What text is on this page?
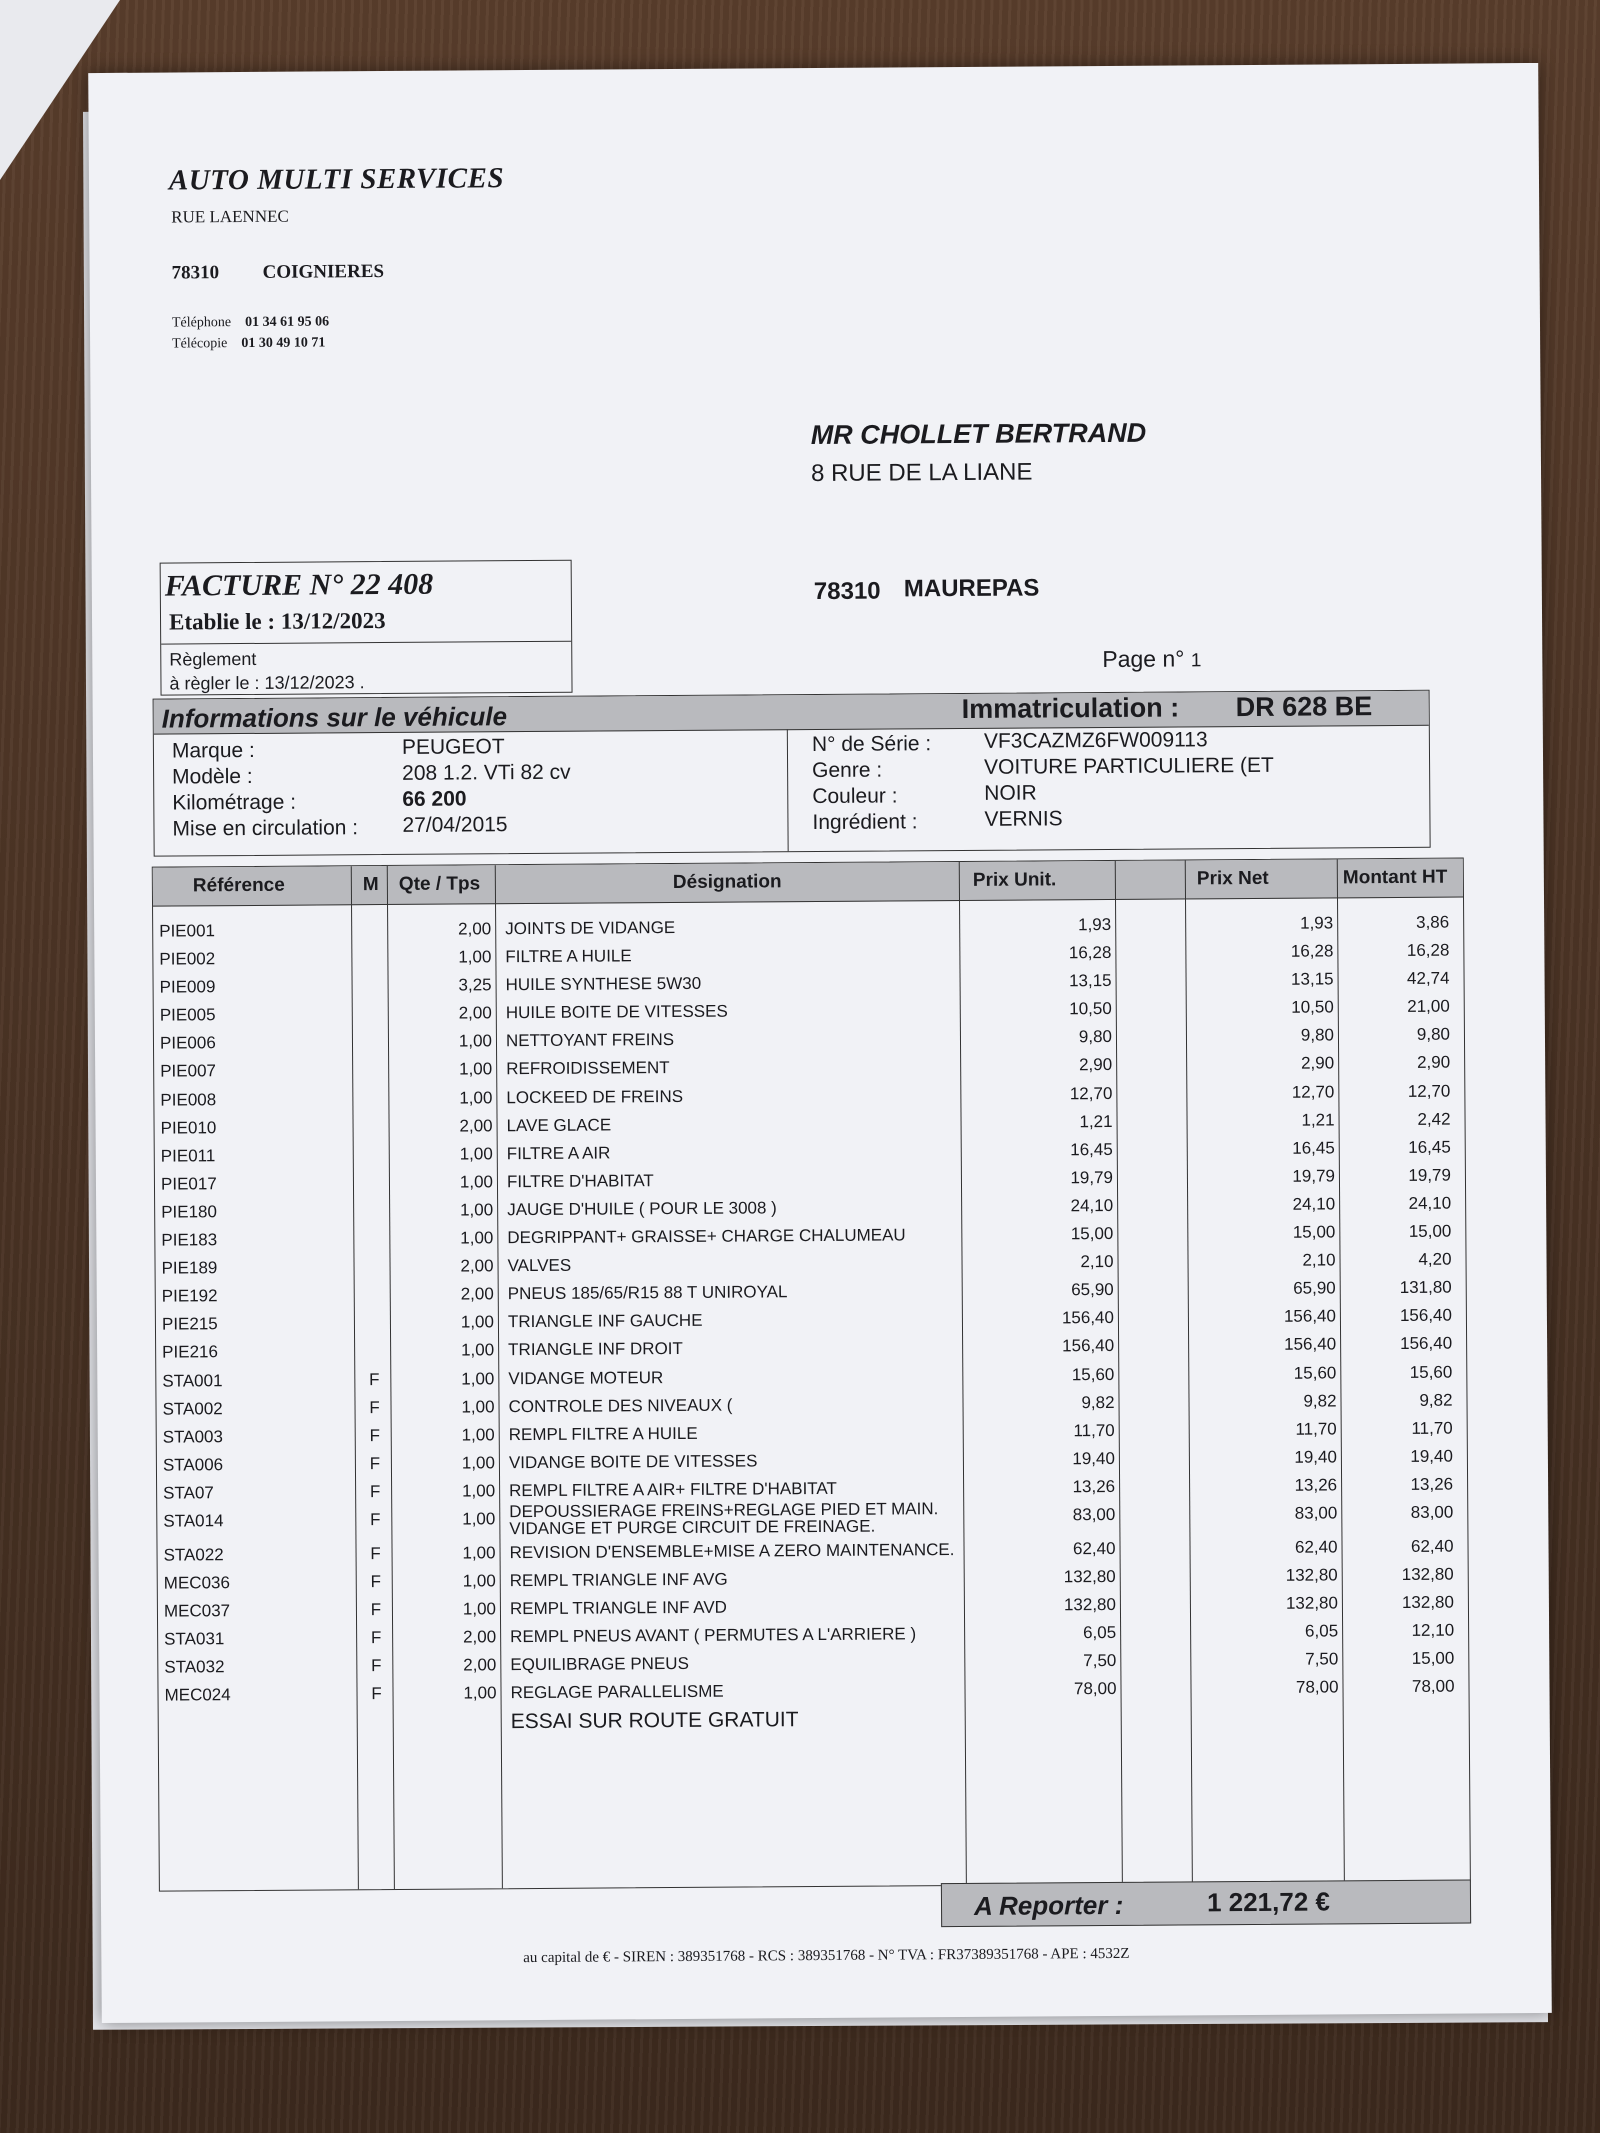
AUTO MULTI SERVICES
RUE LAENNEC
78310 COIGNIERES
Téléphone 01 34 61 95 06
Télécopie 01 30 49 10 71
MR CHOLLET BERTRAND
8 RUE DE LA LIANE
78310 MAUREPAS
FACTURE N° 22 408
Etablie le : 13/12/2023
Règlement
à règler le : 13/12/2023 .
Page n° 1
Informations sur le véhicule	Immatriculation : DR 628 BE
Marque :	PEUGEOT
Modèle :	208 1.2. VTi 82 cv
Kilométrage :	66 200
Mise en circulation : 27/04/2015
N° de Série :	VF3CAZMZ6FW009113
Genre :	VOITURE PARTICULIERE (ET
Couleur :	NOIR
Ingrédient :	VERNIS
Référence	M Qte / Tps	Désignation	Prix Unit.	Prix Net	Montant HT
PIE001	2,00 JOINTS DE VIDANGE	1,93	1,93	3,86
PIE002	1,00 FILTRE A HUILE	16,28	16,28	16,28
PIE009	3,25 HUILE SYNTHESE 5W30	13,15	13,15	42,74
PIE005	2,00 HUILE BOITE DE VITESSES	10,50	10,50	21,00
PIE006	1,00 NETTOYANT FREINS	9,80	9,80	9,80
PIE007	1,00 REFROIDISSEMENT	2,90	2,90	2,90
PIE008	1,00 LOCKEED DE FREINS	12,70	12,70	12,70
PIE010	2,00 LAVE GLACE	1,21	1,21	2,42
PIE011	1,00 FILTRE A AIR	16,45	16,45	16,45
PIE017	1,00 FILTRE D'HABITAT	19,79	19,79	19,79
PIE180	1,00 JAUGE D'HUILE ( POUR LE 3008 )	24,10	24,10	24,10
PIE183	1,00 DEGRIPPANT+ GRAISSE+ CHARGE CHALUMEAU	15,00	15,00	15,00
PIE189	2,00 VALVES	2,10	2,10	4,20
PIE192	2,00 PNEUS 185/65/R15 88 T UNIROYAL	65,90	65,90	131,80
PIE215	1,00 TRIANGLE INF GAUCHE	156,40	156,40	156,40
PIE216	1,00 TRIANGLE INF DROIT	156,40	156,40	156,40
STA001	F	1,00 VIDANGE MOTEUR	15,60	15,60	15,60
STA002	F	1,00 CONTROLE DES NIVEAUX (	9,82	9,82	9,82
STA003	F	1,00 REMPL FILTRE A HUILE	11,70	11,70	11,70
STA006	F	1,00 VIDANGE BOITE DE VITESSES	19,40	19,40	19,40
STA07	F	1,00 REMPL FILTRE A AIR+ FILTRE D'HABITAT	13,26	13,26	13,26
STA014	F	1,00 DEPOUSSIERAGE FREINS+REGLAGE PIED ET MAIN.
VIDANGE ET PURGE CIRCUIT DE FREINAGE.
83,00	83,00	83,00
STA022	F	1,00 REVISION D'ENSEMBLE+MISE A ZERO MAINTENANCE.	62,40	62,40	62,40
MEC036	F	1,00 REMPL TRIANGLE INF AVG	132,80	132,80	132,80
MEC037	F	1,00 REMPL TRIANGLE INF AVD	132,80	132,80	132,80
STA031	F	2,00 REMPL PNEUS AVANT ( PERMUTES A L'ARRIERE )	6,05	6,05	12,10
STA032	F	2,00 EQUILIBRAGE PNEUS	7,50	7,50	15,00
MEC024	F	1,00 REGLAGE PARALLELISME	78,00	78,00	78,00
ESSAI SUR ROUTE GRATUIT
A Reporter :	1 221,72 €
au capital de € - SIREN : 389351768 - RCS : 389351768 - N° TVA : FR37389351768 - APE : 4532Z
